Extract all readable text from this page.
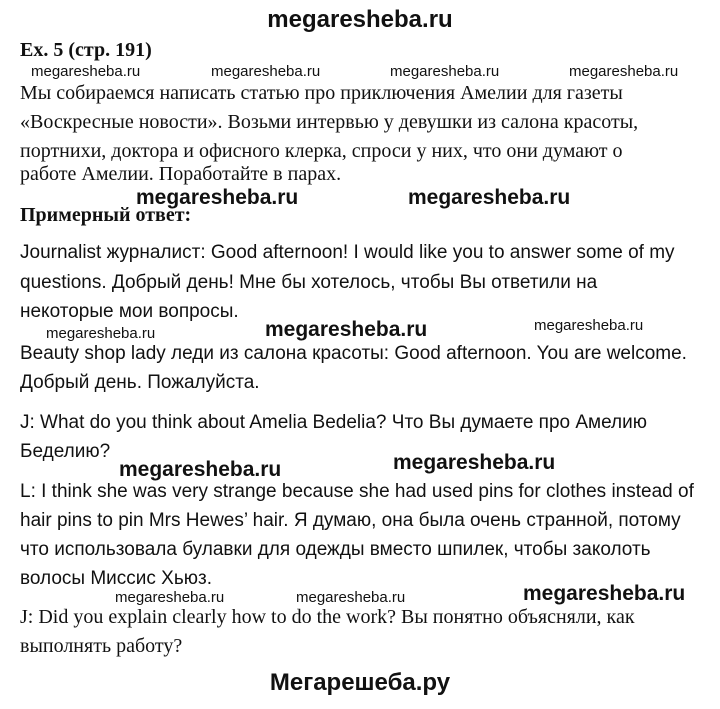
megaresheba.ru
Ex. 5 (стр. 191)
megaresheba.ru	megaresheba.ru	megaresheba.ru	megaresheba.ru
Мы собираемся написать статью про приключения Амелии для газеты
«Воскресные новости». Возьми интервью у девушки из салона красоты,
портнихи, доктора и офисного клерка, спроси у них, что они думают о
работе Амелии. Поработайте в парах.
megaresheba.ru	megaresheba.ru
Примерный ответ:
Journalist журналист: Good afternoon! I would like you to answer some of my
questions. Добрый день! Мне бы хотелось, чтобы Вы ответили на
некоторые мои вопросы.
megaresheba.ru	megaresheba.ru	megaresheba.ru
Beauty shop lady леди из салона красоты: Good afternoon. You are welcome.
Добрый день. Пожалуйста.
J: What do you think about Amelia Bedelia? Что Вы думаете про Амелию
Беделию?
megaresheba.ru	megaresheba.ru
L: I think she was very strange because she had used pins for clothes instead of
hair pins to pin Mrs Hewes’ hair. Я думаю, она была очень странной, потому
что использовала булавки для одежды вместо шпилек, чтобы заколоть
волосы Миссис Хьюз.
megaresheba.ru	megaresheba.ru	megaresheba.ru
J: Did you explain clearly how to do the work? Вы понятно объясняли, как
выполнять работу?
Мегарешеба.ру
